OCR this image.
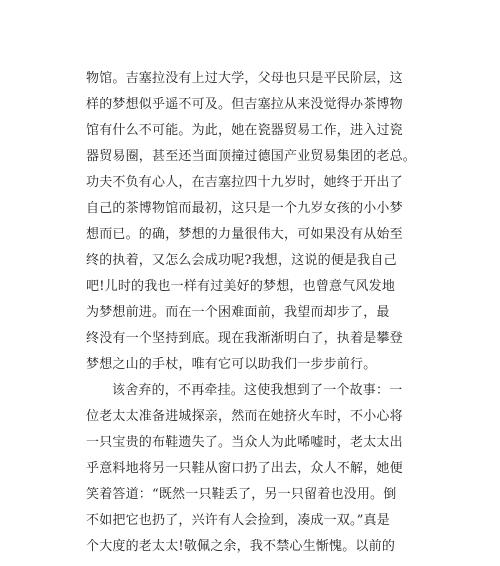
物馆。吉塞拉没有上过大学，父母也只是平民阶层，这
样的梦想似乎遥不可及。但吉塞拉从来没觉得办茶博物
馆有什么不可能。为此，她在瓷器贸易工作，进入过瓷
器贸易圈，甚至还当面顶撞过德国产业贸易集团的老总。
功夫不负有心人，在吉塞拉四十九岁时，她终于开出了
自己的茶博物馆而最初，这只是一个九岁女孩的小小梦
想而已。的确，梦想的力量很伟大，可如果没有从始至
终的执着，又怎么会成功呢?我想，这说的便是我自己
吧!儿时的我也一样有过美好的梦想，也曾意气风发地
为梦想前进。而在一个困难面前，我望而却步了，最
终没有一个坚持到底。现在我渐渐明白了，执着是攀登
梦想之山的手杖，唯有它可以助我们一步步前行。
该舍弃的，不再牵挂。这使我想到了一个故事：一
位老太太准备进城探亲，然而在她挤火车时，不小心将
一只宝贵的布鞋遗失了。当众人为此唏嘘时，老太太出
乎意料地将另一只鞋从窗口扔了出去，众人不解，她便
笑着答道：“既然一只鞋丢了，另一只留着也没用。倒
不如把它也扔了，兴许有人会捡到，凑成一双。”真是
个大度的老太太!敬佩之余，我不禁心生惭愧。以前的
